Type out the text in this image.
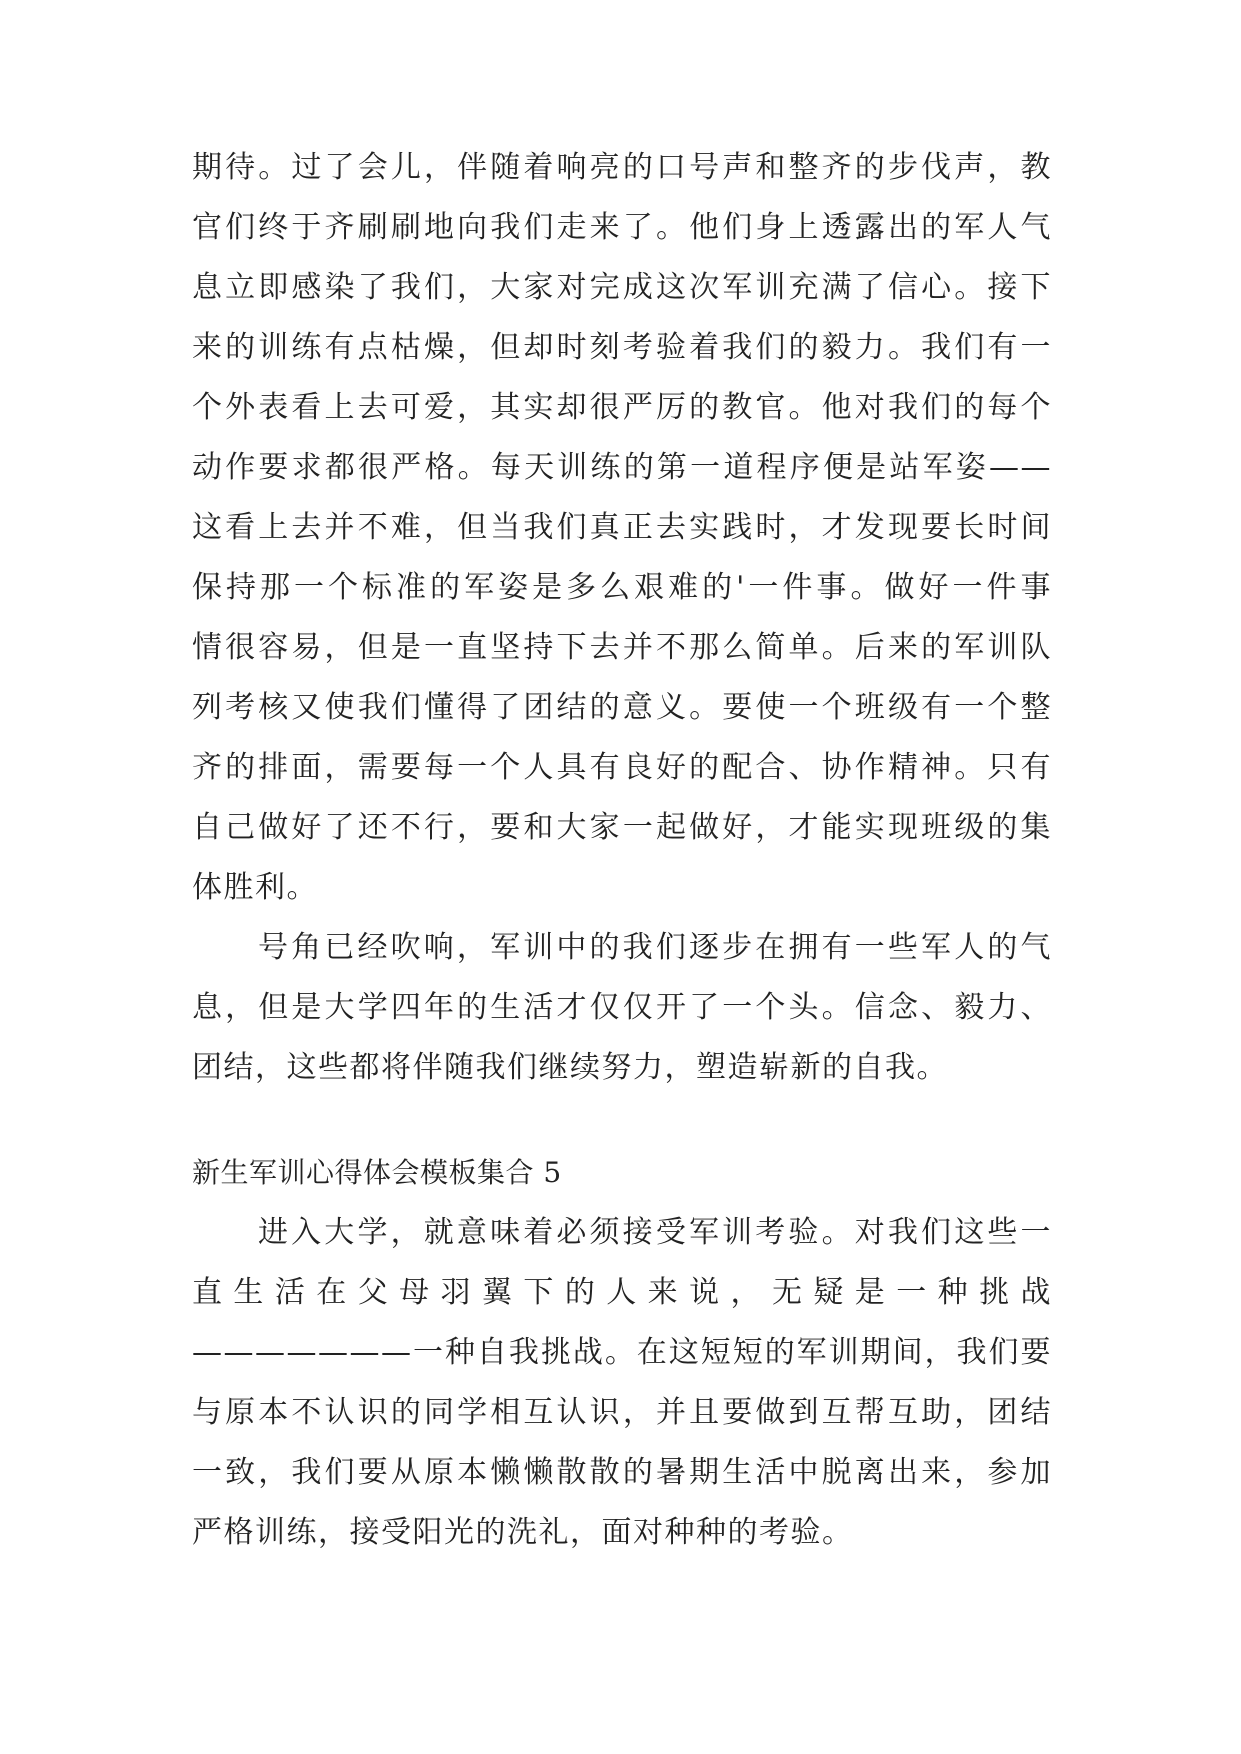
期待。过了会儿，伴随着响亮的口号声和整齐的步伐声，教
官们终于齐刷刷地向我们走来了。他们身上透露出的军人气
息立即感染了我们，大家对完成这次军训充满了信心。接下
来的训练有点枯燥，但却时刻考验着我们的毅力。我们有一
个外表看上去可爱，其实却很严厉的教官。他对我们的每个
动作要求都很严格。每天训练的第一道程序便是站军姿——
这看上去并不难，但当我们真正去实践时，才发现要长时间
保持那一个标准的军姿是多么艰难的'一件事。做好一件事
情很容易，但是一直坚持下去并不那么简单。后来的军训队
列考核又使我们懂得了团结的意义。要使一个班级有一个整
齐的排面，需要每一个人具有良好的配合、协作精神。只有
自己做好了还不行，要和大家一起做好，才能实现班级的集
体胜利。
号角已经吹响，军训中的我们逐步在拥有一些军人的气
息，但是大学四年的生活才仅仅开了一个头。信念、毅力、
团结，这些都将伴随我们继续努力，塑造崭新的自我。
新生军训心得体会模板集合 5
进入大学，就意味着必须接受军训考验。对我们这些一
直生活在父母羽翼下的人来说，无疑是一种挑战
———————一种自我挑战。在这短短的军训期间，我们要
与原本不认识的同学相互认识，并且要做到互帮互助，团结
一致，我们要从原本懒懒散散的暑期生活中脱离出来，参加
严格训练，接受阳光的洗礼，面对种种的考验。
